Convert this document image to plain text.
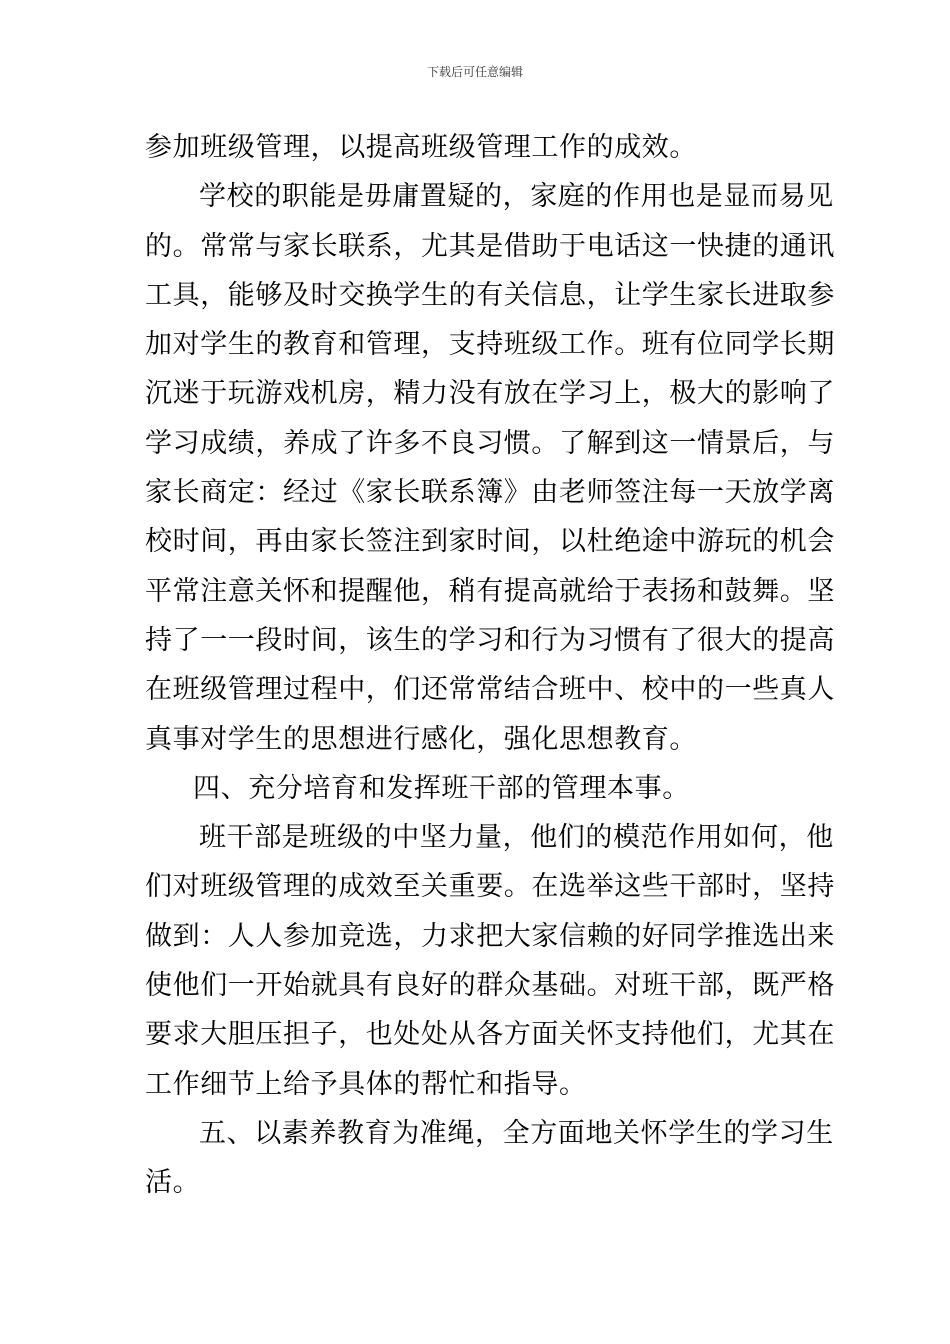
下载后可任意编辑
参加班级管理，以提高班级管理工作的成效。
学校的职能是毋庸置疑的，家庭的作用也是显而易见
的。常常与家长联系，尤其是借助于电话这一快捷的通讯
工具，能够及时交换学生的有关信息，让学生家长进取参
加对学生的教育和管理，支持班级工作。班有位同学长期
沉迷于玩游戏机房，精力没有放在学习上，极大的影响了
学习成绩，养成了许多不良习惯。了解到这一情景后，与
家长商定：经过《家长联系簿》由老师签注每一天放学离
校时间，再由家长签注到家时间，以杜绝途中游玩的机会
平常注意关怀和提醒他，稍有提高就给于表扬和鼓舞。坚
持了一一段时间，该生的学习和行为习惯有了很大的提高
在班级管理过程中，们还常常结合班中、校中的一些真人
真事对学生的思想进行感化，强化思想教育。
四、充分培育和发挥班干部的管理本事。
班干部是班级的中坚力量，他们的模范作用如何，他
们对班级管理的成效至关重要。在选举这些干部时，坚持
做到：人人参加竞选，力求把大家信赖的好同学推选出来
使他们一开始就具有良好的群众基础。对班干部，既严格
要求大胆压担子，也处处从各方面关怀支持他们，尤其在
工作细节上给予具体的帮忙和指导。
五、以素养教育为准绳，全方面地关怀学生的学习生
活。
